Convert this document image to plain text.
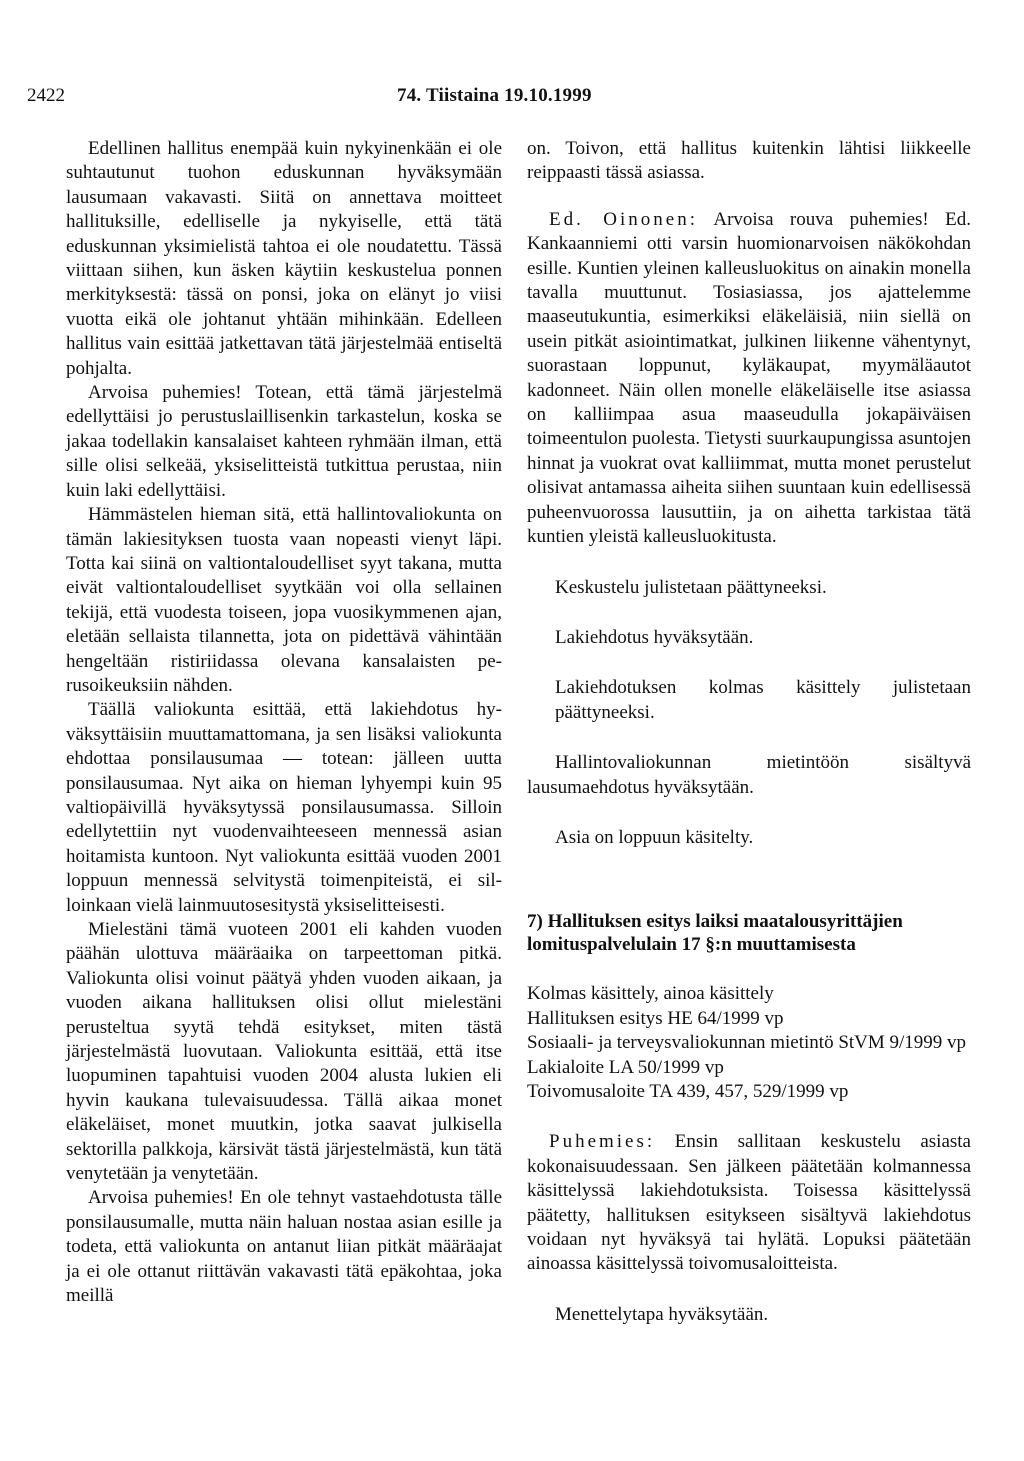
2422	74. Tiistaina 19.10.1999

Edellinen hallitus enempää kuin nykyinenkään ei ole suhtautunut tuohon eduskunnan hyväksymään lausumaan vakavasti. Siitä on annettava moitteet hallituksille, edelliselle ja nykyiselle, että tätä eduskunnan yksimielistä tahtoa ei ole noudatettu. Tässä viittaan siihen, kun äsken käytiin keskustelua ponnen merkityksestä: tässä on ponsi, joka on elänyt jo viisi vuotta eikä ole johtanut yhtään mihinkään. Edelleen hallitus vain esittää jatkettavan tätä järjestelmää entiseltä pohjalta.

Arvoisa puhemies! Totean, että tämä järjestelmä edellyttäisi jo perustuslaillisenkin tarkastelun, koska se jakaa todellakin kansalaiset kahteen ryhmään ilman, että sille olisi selkeää, yksiselitteistä tutkittua perustaa, niin kuin laki edellyttäisi.

Hämmästelen hieman sitä, että hallintovaliokunta on tämän lakiesityksen tuosta vaan nopeasti vienyt läpi. Totta kai siinä on valtiontaloudelliset syyt takana, mutta eivät valtiontaloudelliset syytkään voi olla sellainen tekijä, että vuodesta toiseen, jopa vuosikymmenen ajan, eletään sellaista tilannetta, jota on pidettävä vähintään hengeltään ristiriidassa olevana kansalaisten perusoikeuksiin nähden.

Täällä valiokunta esittää, että lakiehdotus hyväksyttäisiin muuttamattomana, ja sen lisäksi valiokunta ehdottaa ponsilausumaa — totean: jälleen uutta ponsilausumaa. Nyt aika on hieman lyhyempi kuin 95 valtiopäivillä hyväksytyssä ponsilausumassa. Silloin edellytettiin nyt vuodenvaihteeseen mennessä asian hoitamista kuntoon. Nyt valiokunta esittää vuoden 2001 loppuun mennessä selvitystä toimenpiteistä, ei silloinkaan vielä lainmuutosesitystä yksiselitteisesti.

Mielestäni tämä vuoteen 2001 eli kahden vuoden päähän ulottuva määräaika on tarpeettoman pitkä. Valiokunta olisi voinut päätyä yhden vuoden aikaan, ja vuoden aikana hallituksen olisi ollut mielestäni perusteltua syytä tehdä esitykset, miten tästä järjestelmästä luovutaan. Valiokunta esittää, että itse luopuminen tapahtuisi vuoden 2004 alusta lukien eli hyvin kaukana tulevaisuudessa. Tällä aikaa monet eläkeläiset, monet muutkin, jotka saavat julkisella sektorilla palkkoja, kärsivät tästä järjestelmästä, kun tätä venytetään ja venytetään.

Arvoisa puhemies! En ole tehnyt vastaehdotusta tälle ponsilausumalle, mutta näin haluan nostaa asian esille ja todeta, että valiokunta on antanut liian pitkät määräajat ja ei ole ottanut riittävän vakavasti tätä epäkohtaa, joka meillä

on. Toivon, että hallitus kuitenkin lähtisi liikkeelle reippaasti tässä asiassa.

Ed. Oinonen: Arvoisa rouva puhemies! Ed. Kankaanniemi otti varsin huomionarvoisen näkökohdan esille. Kuntien yleinen kalleusluokitus on ainakin monella tavalla muuttunut. Tosiasiassa, jos ajattelemme maaseutukuntia, esimerkiksi eläkeläisiä, niin siellä on usein pitkät asiointimatkat, julkinen liikenne vähentynyt, suorastaan loppunut, kyläkaupat, myymäläautot kadonneet. Näin ollen monelle eläkeläiselle itse asiassa on kalliimpaa asua maaseudulla jokapäiväisen toimeentulon puolesta. Tietysti suurkaupungissa asuntojen hinnat ja vuokrat ovat kalliimmat, mutta monet perustelut olisivat antamassa aiheita siihen suuntaan kuin edellisessä puheenvuorossa lausuttiin, ja on aihetta tarkistaa tätä kuntien yleistä kalleusluokitusta.

Keskustelu julistetaan päättyneeksi.

Lakiehdotus hyväksytään.

Lakiehdotuksen kolmas käsittely julistetaan päättyneeksi.

Hallintovaliokunnan mietintöön sisältyvä lausumaehdotus hyväksytään.

Asia on loppuun käsitelty.

7) Hallituksen esitys laiksi maatalousyrittäjien lomituspalvelulain 17 §:n muuttamisesta

Kolmas käsittely, ainoa käsittely

Hallituksen esitys HE 64/1999 vp

Sosiaali- ja terveysvaliokunnan mietintö StVM 9/1999 vp

Lakialoite LA 50/1999 vp

Toivomusaloite TA 439, 457, 529/1999 vp

Puhemies: Ensin sallitaan keskustelu asiasta kokonaisuudessaan. Sen jälkeen päätetään kolmannessa käsittelyssä lakiehdotuksista. Toisessa käsittelyssä päätetty, hallituksen esitykseen sisältyvä lakiehdotus voidaan nyt hyväksyä tai hylätä. Lopuksi päätetään ainoassa käsittelyssä toivomusaloitteista.

Menettelytapa hyväksytään.
